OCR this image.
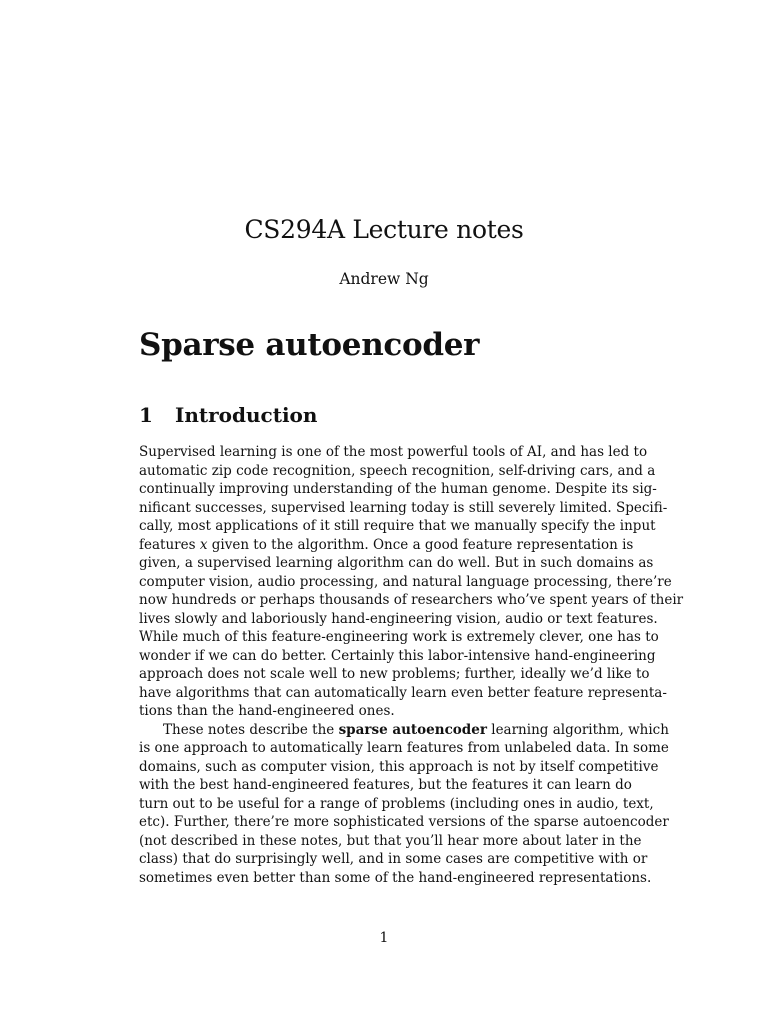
CS294A Lecture notes
Andrew Ng
Sparse autoencoder
1 Introduction
Supervised learning is one of the most powerful tools of AI, and has led to
automatic zip code recognition, speech recognition, self-driving cars, and a
continually improving understanding of the human genome. Despite its sig-
nificant successes, supervised learning today is still severely limited. Specifi-
cally, most applications of it still require that we manually specify the input
features x given to the algorithm. Once a good feature representation is
given, a supervised learning algorithm can do well. But in such domains as
computer vision, audio processing, and natural language processing, there’re
now hundreds or perhaps thousands of researchers who’ve spent years of their
lives slowly and laboriously hand-engineering vision, audio or text features.
While much of this feature-engineering work is extremely clever, one has to
wonder if we can do better. Certainly this labor-intensive hand-engineering
approach does not scale well to new problems; further, ideally we’d like to
have algorithms that can automatically learn even better feature representa-
tions than the hand-engineered ones.
These notes describe the sparse autoencoder learning algorithm, which
is one approach to automatically learn features from unlabeled data. In some
domains, such as computer vision, this approach is not by itself competitive
with the best hand-engineered features, but the features it can learn do
turn out to be useful for a range of problems (including ones in audio, text,
etc). Further, there’re more sophisticated versions of the sparse autoencoder
(not described in these notes, but that you’ll hear more about later in the
class) that do surprisingly well, and in some cases are competitive with or
sometimes even better than some of the hand-engineered representations.
1
